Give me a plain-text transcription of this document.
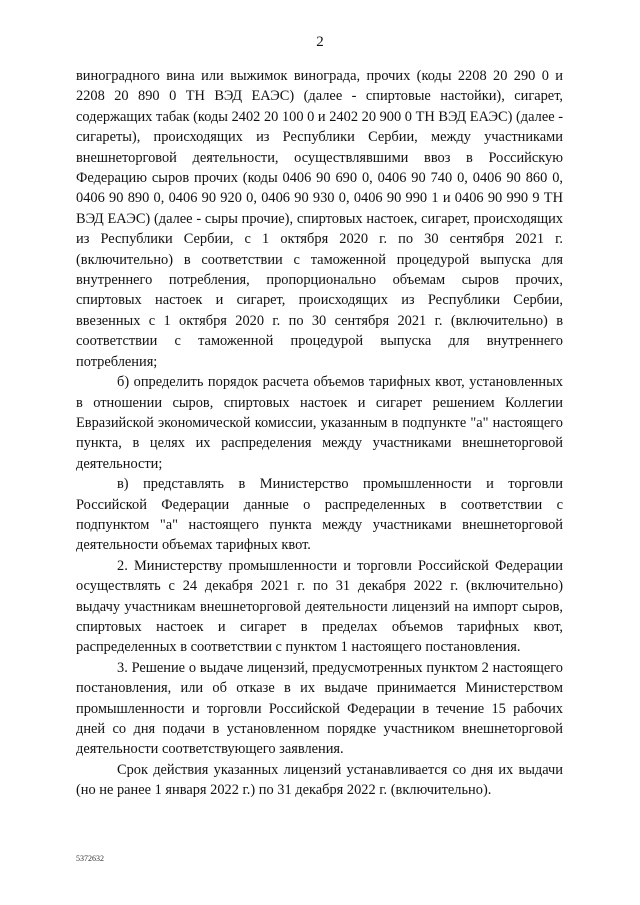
2

виноградного вина или выжимок винограда, прочих (коды 2208 20 290 0 и 2208 20 890 0 ТН ВЭД ЕАЭС) (далее - спиртовые настойки), сигарет, содержащих табак (коды 2402 20 100 0 и 2402 20 900 0 ТН ВЭД ЕАЭС) (далее - сигареты), происходящих из Республики Сербии, между участниками внешнеторговой деятельности, осуществлявшими ввоз в Российскую Федерацию сыров прочих (коды 0406 90 690 0, 0406 90 740 0, 0406 90 860 0, 0406 90 890 0, 0406 90 920 0, 0406 90 930 0, 0406 90 990 1 и 0406 90 990 9 ТН ВЭД ЕАЭС) (далее - сыры прочие), спиртовых настоек, сигарет, происходящих из Республики Сербии, с 1 октября 2020 г. по 30 сентября 2021 г. (включительно) в соответствии с таможенной процедурой выпуска для внутреннего потребления, пропорционально объемам сыров прочих, спиртовых настоек и сигарет, происходящих из Республики Сербии, ввезенных с 1 октября 2020 г. по 30 сентября 2021 г. (включительно) в соответствии с таможенной процедурой выпуска для внутреннего потребления;

б) определить порядок расчета объемов тарифных квот, установленных в отношении сыров, спиртовых настоек и сигарет решением Коллегии Евразийской экономической комиссии, указанным в подпункте "а" настоящего пункта, в целях их распределения между участниками внешнеторговой деятельности;

в) представлять в Министерство промышленности и торговли Российской Федерации данные о распределенных в соответствии с подпунктом "а" настоящего пункта между участниками внешнеторговой деятельности объемах тарифных квот.

2. Министерству промышленности и торговли Российской Федерации осуществлять с 24 декабря 2021 г. по 31 декабря 2022 г. (включительно) выдачу участникам внешнеторговой деятельности лицензий на импорт сыров, спиртовых настоек и сигарет в пределах объемов тарифных квот, распределенных в соответствии с пунктом 1 настоящего постановления.

3. Решение о выдаче лицензий, предусмотренных пунктом 2 настоящего постановления, или об отказе в их выдаче принимается Министерством промышленности и торговли Российской Федерации в течение 15 рабочих дней со дня подачи в установленном порядке участником внешнеторговой деятельности соответствующего заявления.

Срок действия указанных лицензий устанавливается со дня их выдачи (но не ранее 1 января 2022 г.) по 31 декабря 2022 г. (включительно).

5372632
